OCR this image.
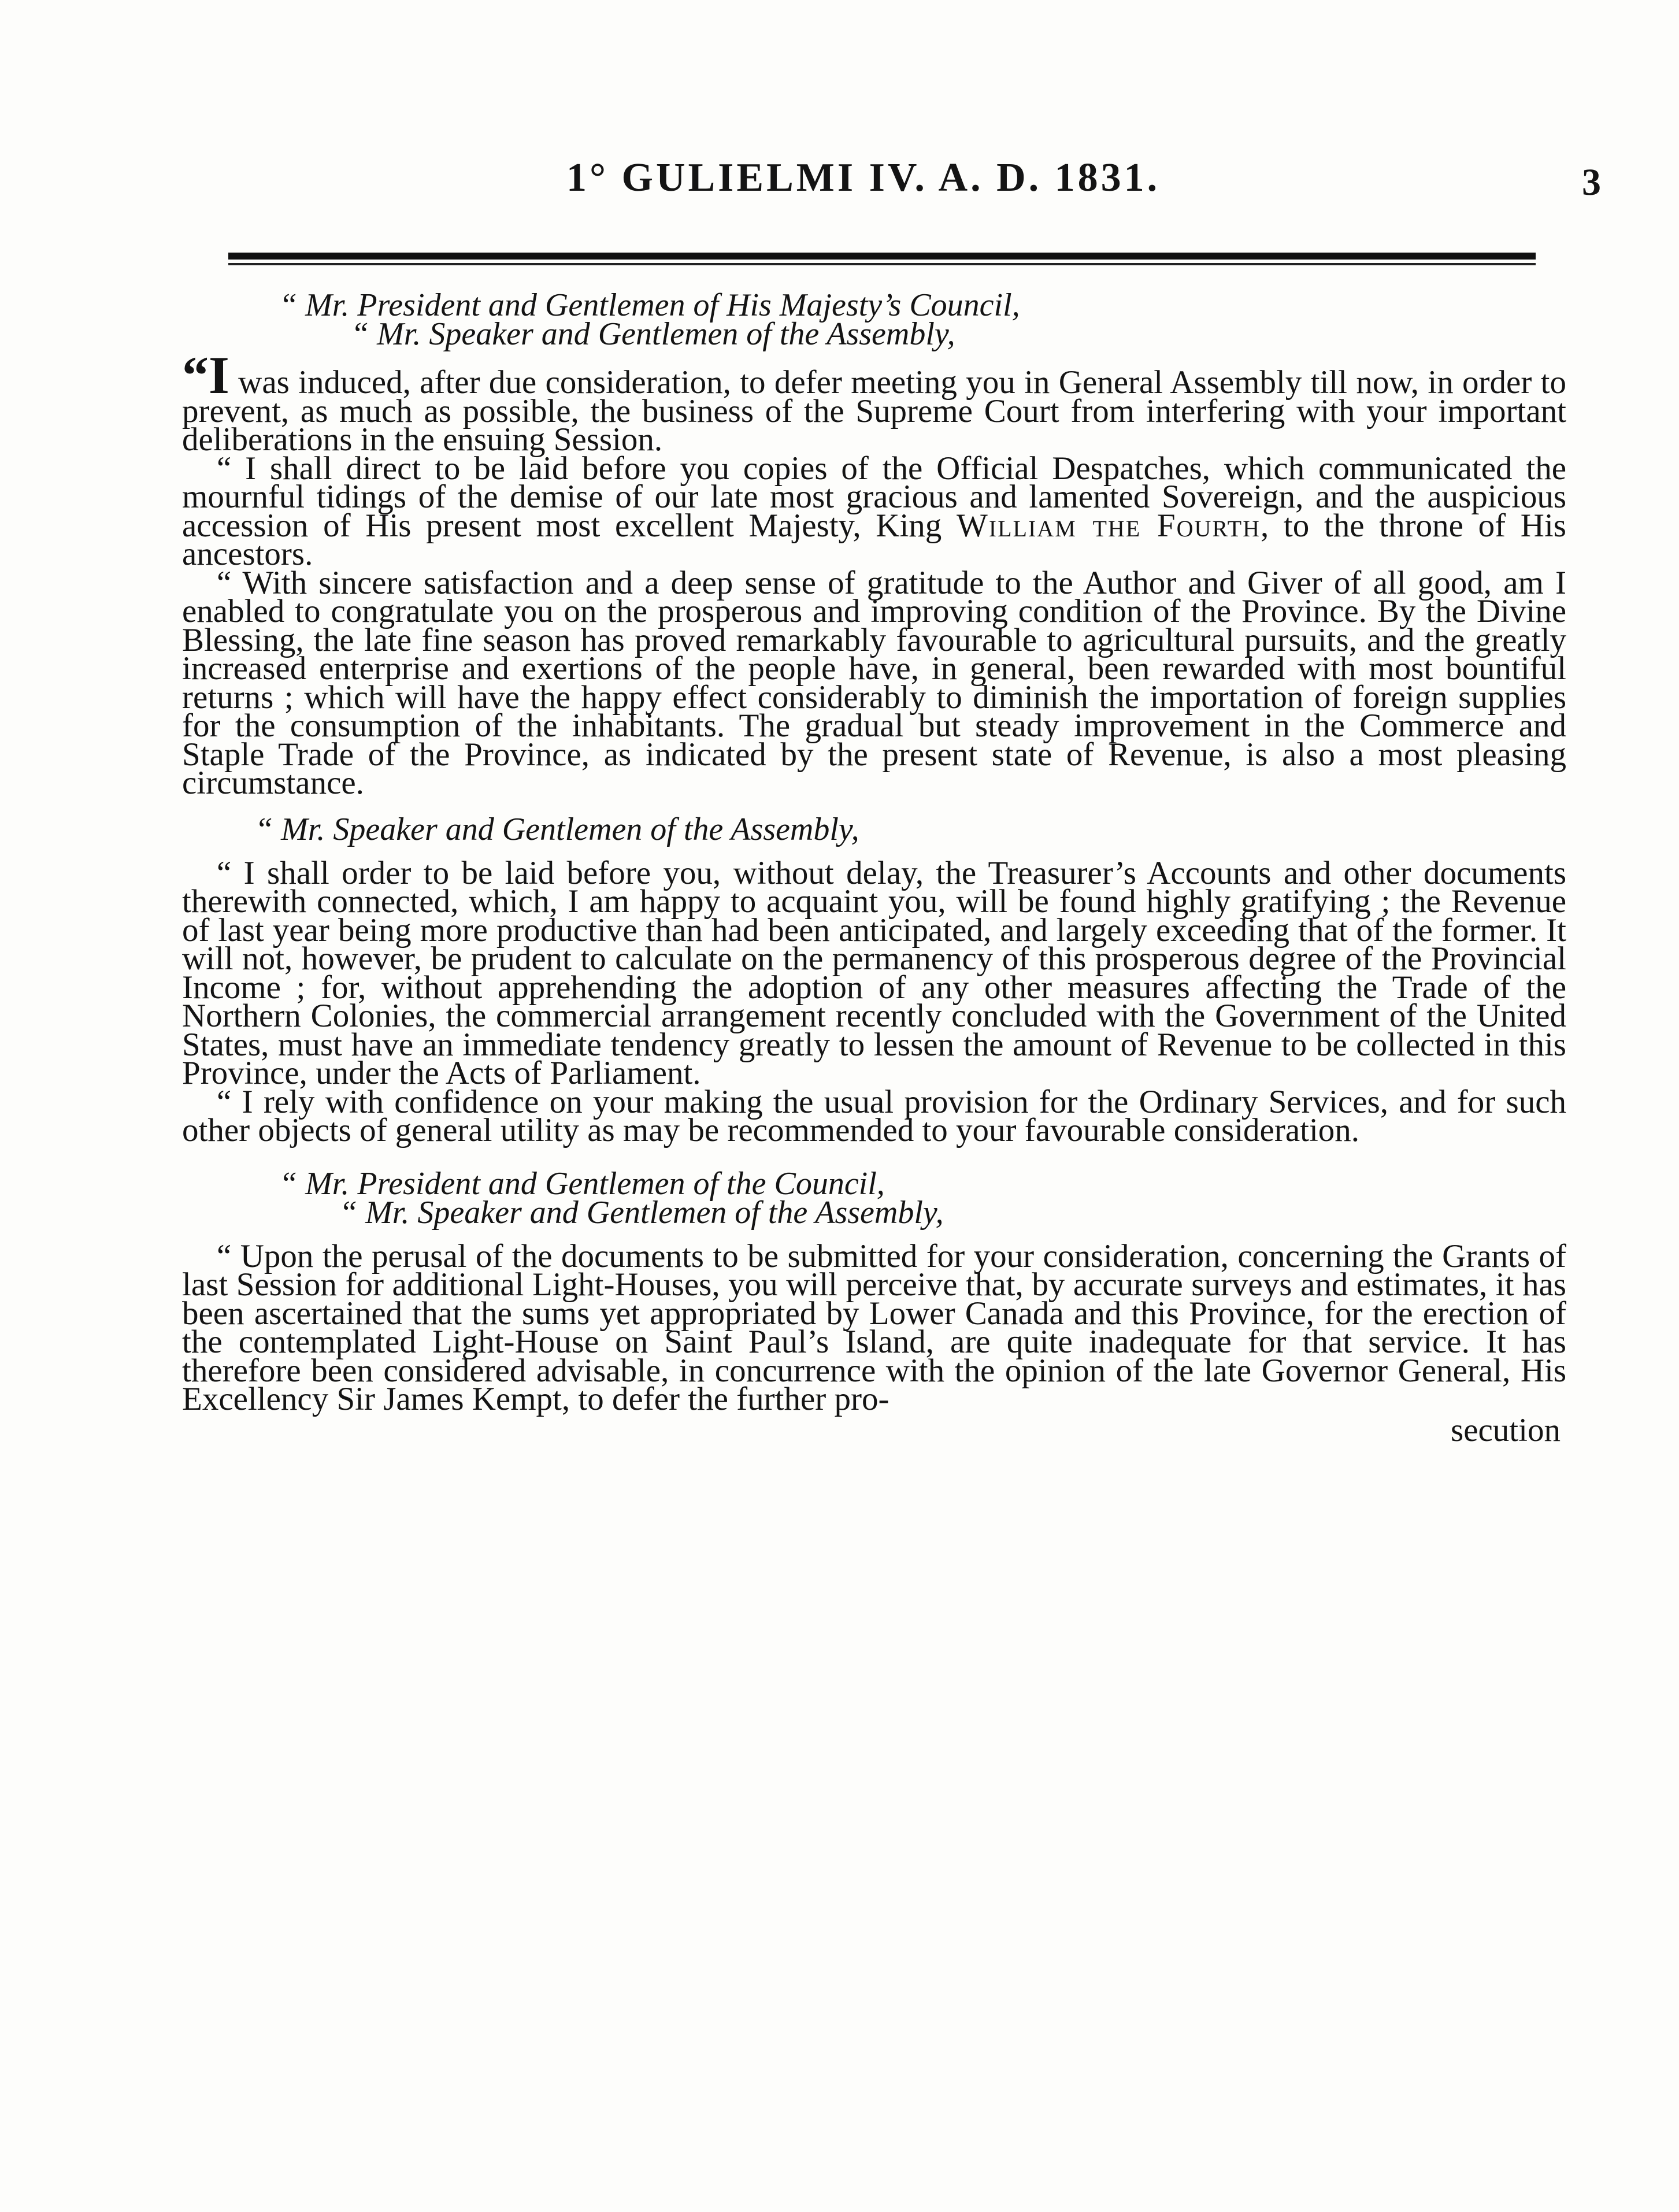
1° GULIELMI IV. A. D. 1831.	3
“ Mr. President and Gentlemen of His Majesty’s Council,
“ Mr. Speaker and Gentlemen of the Assembly,

“I was induced, after due consideration, to defer meeting you in General Assembly till now, in order to prevent, as much as possible, the business of the Supreme Court from interfering with your important deliberations in the ensuing Session.

“ I shall direct to be laid before you copies of the Official Despatches, which communicated the mournful tidings of the demise of our late most gracious and lamented Sovereign, and the auspicious accession of His present most excellent Majesty, King William the Fourth, to the throne of His ancestors.

“ With sincere satisfaction and a deep sense of gratitude to the Author and Giver of all good, am I enabled to congratulate you on the prosperous and improving condition of the Province. By the Divine Blessing, the late fine season has proved remarkably favourable to agricultural pursuits, and the greatly increased enterprise and exertions of the people have, in general, been rewarded with most bountiful returns ; which will have the happy effect considerably to diminish the importation of foreign supplies for the consumption of the inhabitants. The gradual but steady improvement in the Commerce and Staple Trade of the Province, as indicated by the present state of Revenue, is also a most pleasing circumstance.

“ Mr. Speaker and Gentlemen of the Assembly,

“ I shall order to be laid before you, without delay, the Treasurer’s Accounts and other documents therewith connected, which, I am happy to acquaint you, will be found highly gratifying ; the Revenue of last year being more productive than had been anticipated, and largely exceeding that of the former. It will not, however, be prudent to calculate on the permanency of this prosperous degree of the Provincial Income ; for, without apprehending the adoption of any other measures affecting the Trade of the Northern Colonies, the commercial arrangement recently concluded with the Government of the United States, must have an immediate tendency greatly to lessen the amount of Revenue to be collected in this Province, under the Acts of Parliament.

“ I rely with confidence on your making the usual provision for the Ordinary Services, and for such other objects of general utility as may be recommended to your favourable consideration.

“ Mr. President and Gentlemen of the Council,
“ Mr. Speaker and Gentlemen of the Assembly,

“ Upon the perusal of the documents to be submitted for your consideration, concerning the Grants of last Session for additional Light-Houses, you will perceive that, by accurate surveys and estimates, it has been ascertained that the sums yet appropriated by Lower Canada and this Province, for the erection of the contemplated Light-House on Saint Paul’s Island, are quite inadequate for that service. It has therefore been considered advisable, in concurrence with the opinion of the late Governor General, His Excellency Sir James Kempt, to defer the further pro-

secution
